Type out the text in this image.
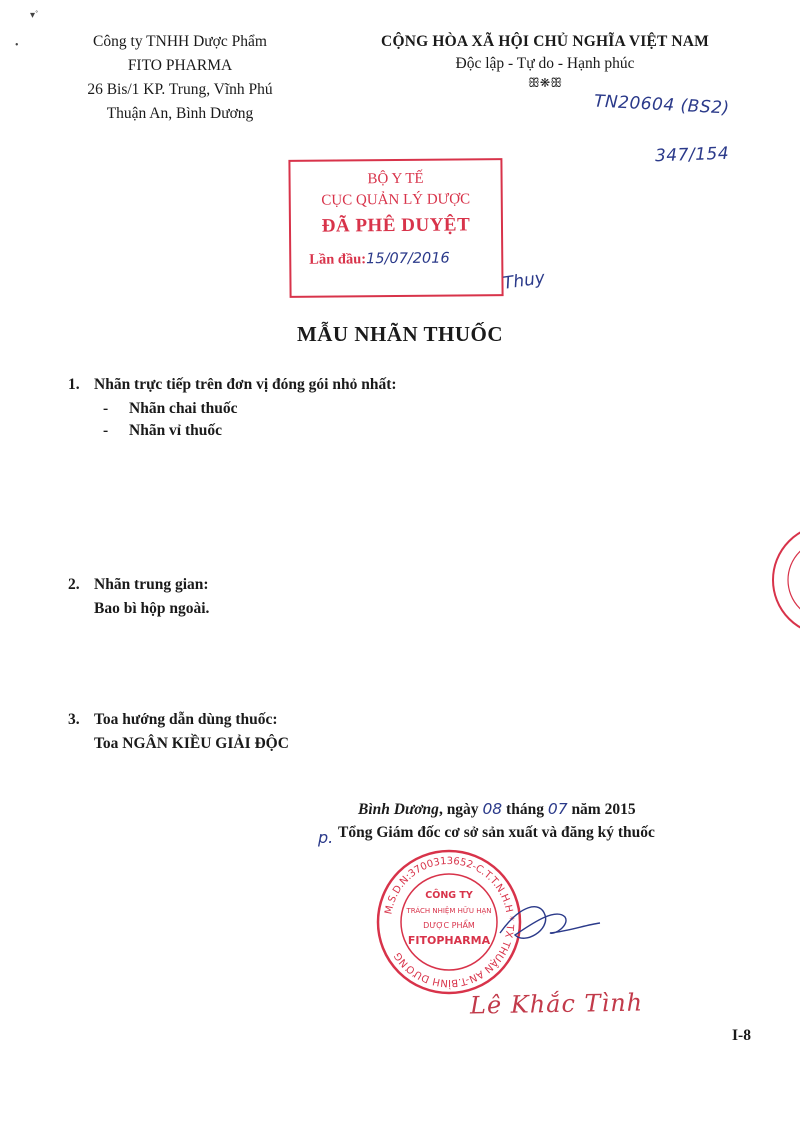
▾˚
•	Công ty TNHH Dược Phẩm
FITO PHARMA
26 Bis/1 KP. Trung, Vĩnh Phú
Thuận An, Bình Dương
CỘNG HÒA XÃ HỘI CHỦ NGHĨA VIỆT NAM
Độc lập - Tự do - Hạnh phúc
ꕥ❋ꕥ
TN20604 (BS2)
347/154
BỘ Y TẾ
CỤC QUẢN LÝ DƯỢC
ĐÃ PHÊ DUYỆT
Lần đầu:15/07/2016
Thuy
MẪU NHÃN THUỐC
1. Nhãn trực tiếp trên đơn vị đóng gói nhỏ nhất:
- Nhãn chai thuốc
- Nhãn vỉ thuốc
2. Nhãn trung gian:
Bao bì hộp ngoài.
3. Toa hướng dẫn dùng thuốc:
Toa NGÂN KIỀU GIẢI ĐỘC
Bình Dương, ngày 08 tháng 07 năm 2015
p. Tổng Giám đốc cơ sở sản xuất và đăng ký thuốc
M.S.D.N:3700313652-C.T.T.N.H.H * TX THUẬN AN-T.BÌNH DƯƠNG
CÔNG TY
TRÁCH NHIỆM HỮU HẠN
DƯỢC PHẨM
FITOPHARMA
Lê Khắc Tình
I-8
